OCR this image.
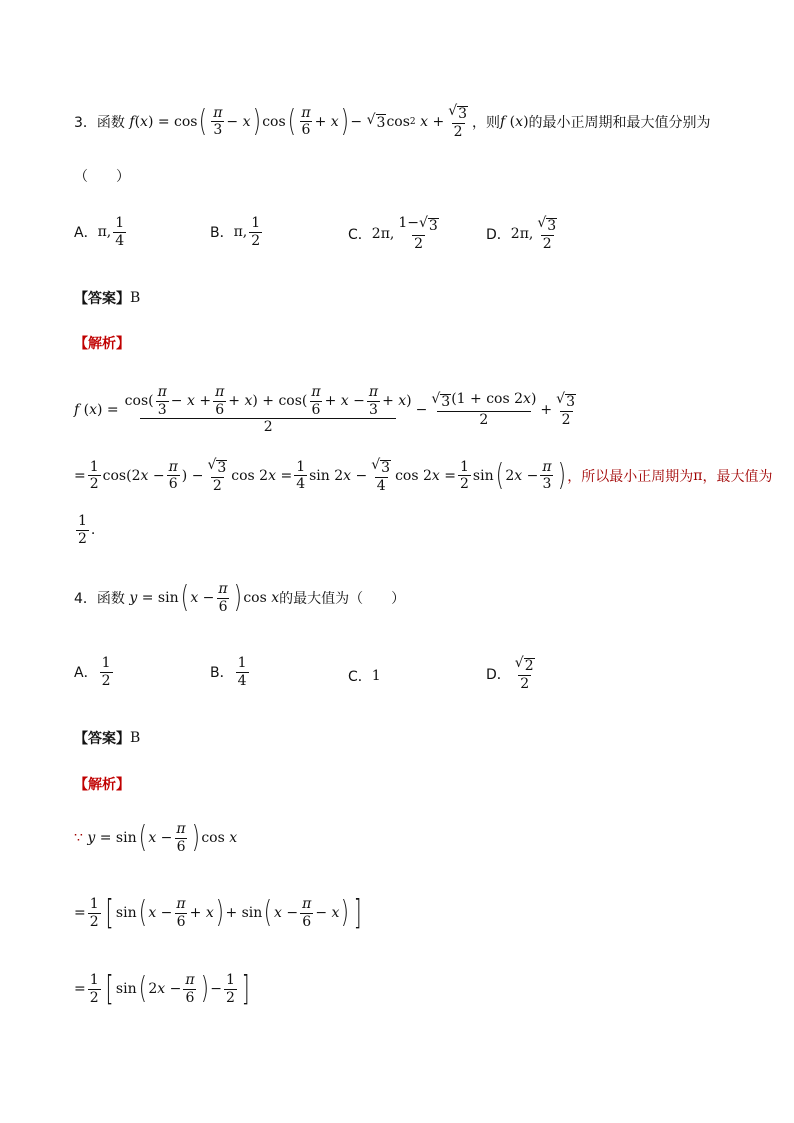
3． 函数 f ( x ) = cos ( $\frac{\pi}{3} - x$ ) cos ( $\frac{\pi}{6} + x$ ) − √ 3 cos 2
$x + \frac{√ 3}{2}$ ，则 f (x) 的最小正周期和最大值分别为
（　　）
A． π, $\frac{1}{4}$	B． π, $\frac{1}{2}$	C． 2π, $\frac{1- √ 3}{2}$	D． 2π, $\frac{√ 3}{2}$
【答案】 B
【解析】
f ( x ) = $\frac{\cos( \frac{\pi}{3} - x + \frac{\pi}{6} + x) + \cos( \frac{\pi}{6} + x - \frac{\pi}{3} + x)}{2} - \frac{√ 3 (1 + \cos 2x)}{2} + \frac{√ 3}{2}$
= $\frac{1}{2} \cos(2$ $x - \frac{\pi}{6}$ ) − $\frac{√ 3}{2}$ cos 2 $x = \frac{1}{4}$ sin 2 $x - \frac{√ 3}{4}$ cos 2 $x = \frac{1}{2}$ sin ( 2 $x - \frac{\pi}{3}$ ) ，所以最小正周期为 π ，最大值为
$\frac{1}{2}$ .
4． 函数
y = sin ( $x - \frac{\pi}{6}$ ) cos x 的最大值为（　　）
A． $\frac{1}{2}$	B． $\frac{1}{4}$	C． 1	D． $\frac{√ 2}{2}$
【答案】 B
【解析】
∵
y = sin ( $x - \frac{\pi}{6}$ ) cos x
= $\frac{1}{2}$ [ sin ( $x - \frac{\pi}{6} + x$ ) + sin ( $x - \frac{\pi}{6} - x$ ) ]
= $\frac{1}{2}$ [ sin ( 2 $x - \frac{\pi}{6}$ ) − $\frac{1}{2}$ ]
